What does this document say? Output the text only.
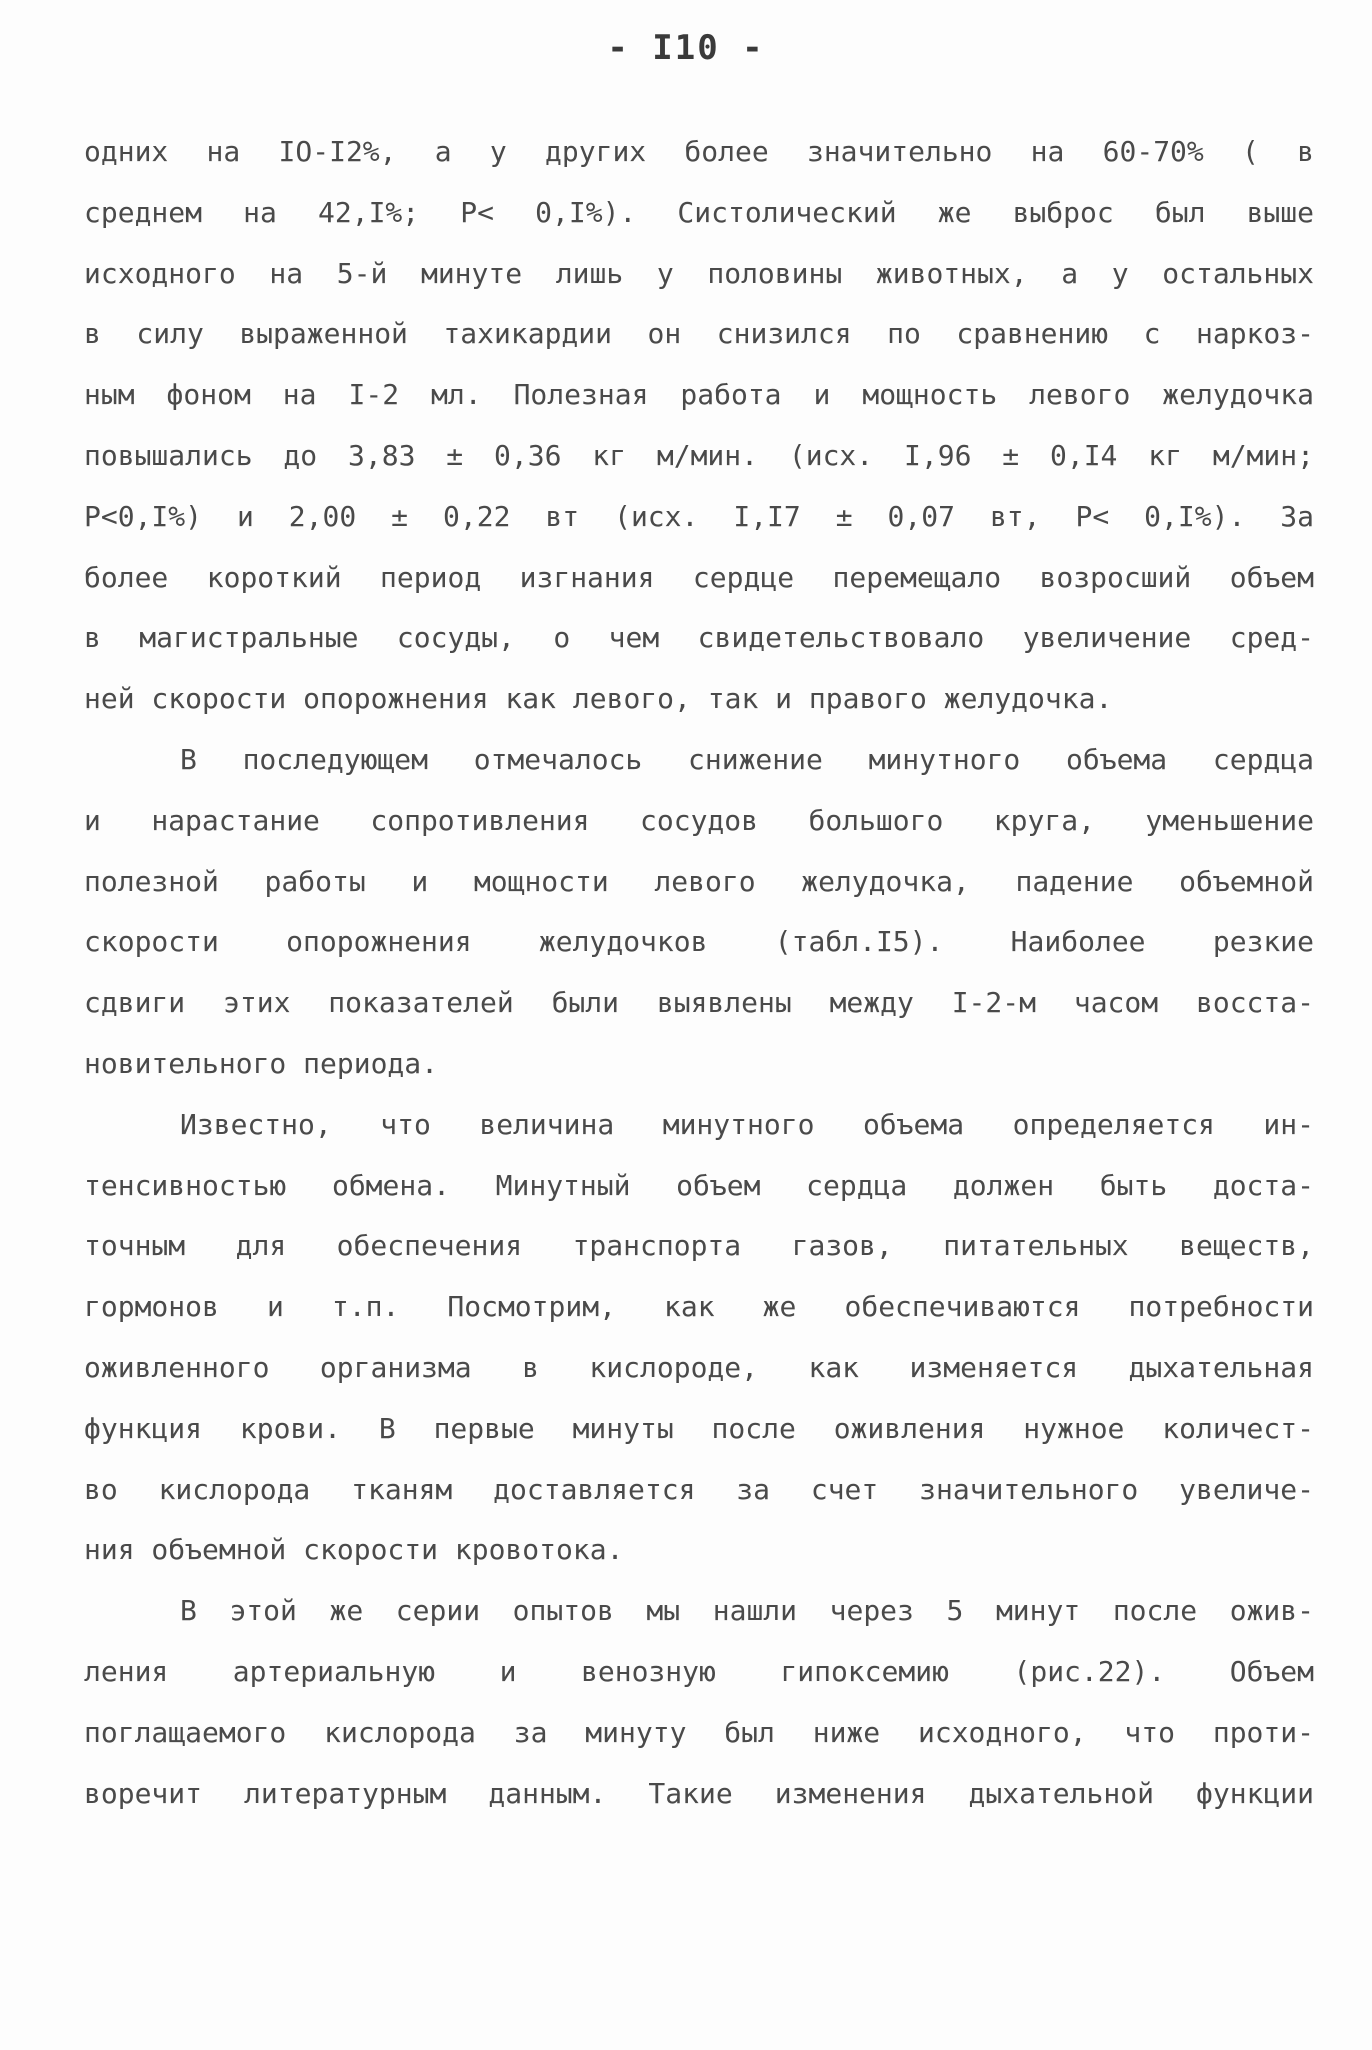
- I10 -
одних на IO-I2%, а у других более значительно на 60-70% ( в
среднем на 42,I%; P< 0,I%). Систолический же выброс был выше
исходного на 5-й минуте лишь у половины животных, а у остальных
в силу выраженной тахикардии он снизился по сравнению с наркоз-
ным фоном на I-2 мл. Полезная работа и мощность левого желудочка
повышались до 3,83 ± 0,36 кг м/мин. (исх. I,96 ± 0,I4 кг м/мин;
P<0,I%) и 2,00 ± 0,22 вт (исх. I,I7 ± 0,07 вт, P< 0,I%). За
более короткий период изгнания сердце перемещало возросший объем
в магистральные сосуды, о чем свидетельствовало увеличение сред-
ней скорости опорожнения как левого, так и правого желудочка.
В последующем отмечалось снижение минутного объема сердца
и нарастание сопротивления сосудов большого круга, уменьшение
полезной работы и мощности левого желудочка, падение объемной
скорости опорожнения желудочков (табл.I5). Наиболее резкие
сдвиги этих показателей были выявлены между I-2-м часом восста-
новительного периода.
Известно, что величина минутного объема определяется ин-
тенсивностью обмена. Минутный объем сердца должен быть доста-
точным для обеспечения транспорта газов, питательных веществ,
гормонов и т.п. Посмотрим, как же обеспечиваются потребности
оживленного организма в кислороде, как изменяется дыхательная
функция крови. В первые минуты после оживления нужное количест-
во кислорода тканям доставляется за счет значительного увеличе-
ния объемной скорости кровотока.
В этой же серии опытов мы нашли через 5 минут после ожив-
ления артериальную и венозную гипоксемию (рис.22). Объем
поглащаемого кислорода за минуту был ниже исходного, что проти-
воречит литературным данным. Такие изменения дыхательной функции
